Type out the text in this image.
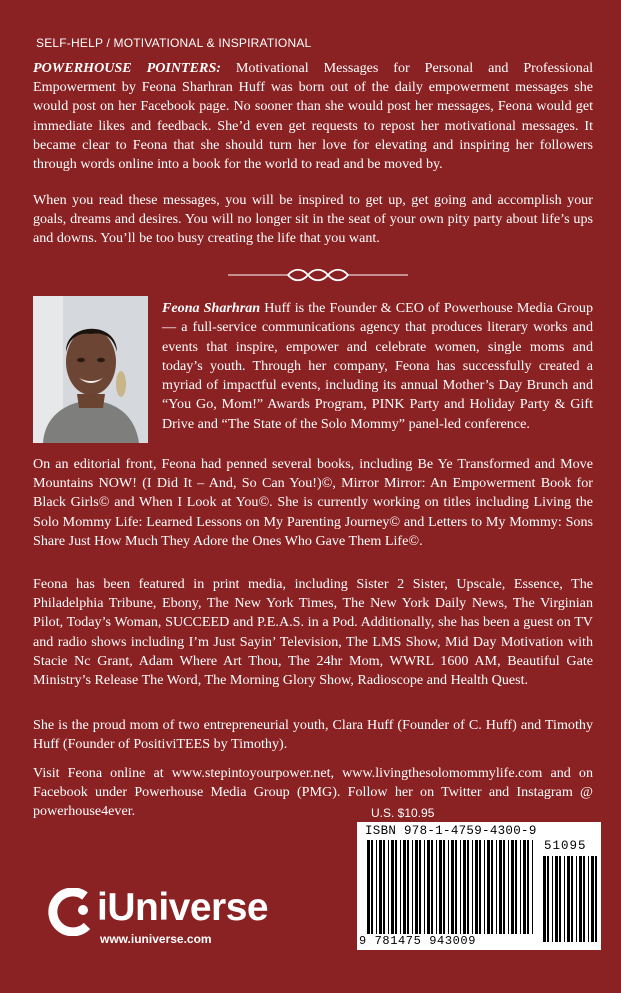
SELF-HELP / MOTIVATIONAL & INSPIRATIONAL

POWERHOUSE POINTERS: Motivational Messages for Personal and Professional Empowerment by Feona Sharhran Huff was born out of the daily empowerment messages she would post on her Facebook page. No sooner than she would post her messages, Feona would get immediate likes and feedback. She’d even get requests to repost her motivational messages. It became clear to Feona that she should turn her love for elevating and inspiring her followers through words online into a book for the world to read and be moved by.

When you read these messages, you will be inspired to get up, get going and accomplish your goals, dreams and desires. You will no longer sit in the seat of your own pity party about life’s ups and downs. You’ll be too busy creating the life that you want.

Feona Sharhran Huff is the Founder & CEO of Powerhouse Media Group — a full-service communications agency that produces literary works and events that inspire, empower and celebrate women, single moms and today’s youth. Through her company, Feona has successfully created a myriad of impactful events, including its annual Mother’s Day Brunch and “You Go, Mom!” Awards Program, PINK Party and Holiday Party & Gift Drive and “The State of the Solo Mommy” panel-led conference.

On an editorial front, Feona had penned several books, including Be Ye Transformed and Move Mountains NOW! (I Did It – And, So Can You!)©, Mirror Mirror: An Empowerment Book for Black Girls© and When I Look at You©. She is currently working on titles including Living the Solo Mommy Life: Learned Lessons on My Parenting Journey© and Letters to My Mommy: Sons Share Just How Much They Adore the Ones Who Gave Them Life©.

Feona has been featured in print media, including Sister 2 Sister, Upscale, Essence, The Philadelphia Tribune, Ebony, The New York Times, The New York Daily News, The Virginian Pilot, Today’s Woman, SUCCEED and P.E.A.S. in a Pod. Additionally, she has been a guest on TV and radio shows including I’m Just Sayin’ Television, The LMS Show, Mid Day Motivation with Stacie Nc Grant, Adam Where Art Thou, The 24hr Mom, WWRL 1600 AM, Beautiful Gate Ministry’s Release The Word, The Morning Glory Show, Radioscope and Health Quest.

She is the proud mom of two entrepreneurial youth, Clara Huff (Founder of C. Huff) and Timothy Huff (Founder of PositiviTEES by Timothy).

Visit Feona online at www.stepintoyourpower.net, www.livingthesolomommylife.com and on Facebook under Powerhouse Media Group (PMG). Follow her on Twitter and Instagram @ powerhouse4ever.	U.S. $10.95
ISBN 978-1-4759-4300-9
51095
9 781475 943009
iUniverse
www.iuniverse.com
